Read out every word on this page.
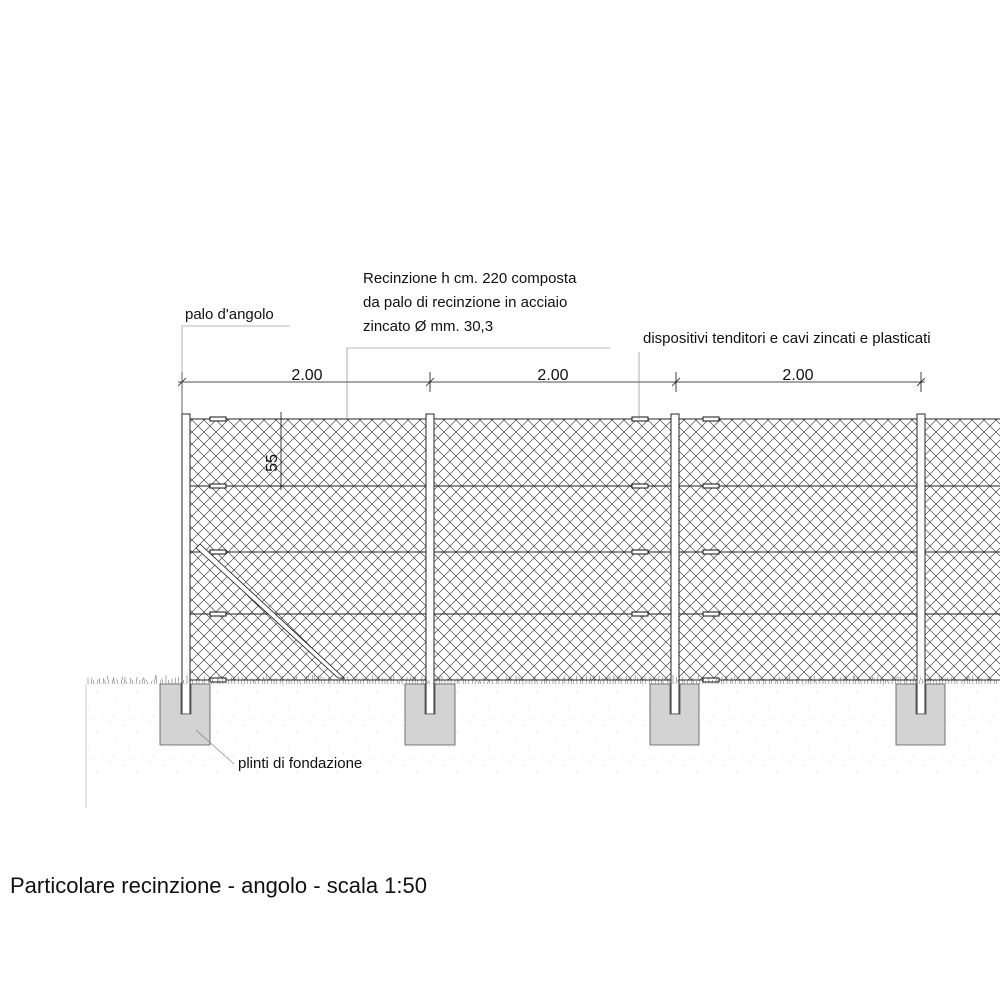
55
2.00	2.00	2.00
palo d'angolo
Recinzione h cm. 220 composta
da palo di recinzione in acciaio
zincato Ø mm. 30,3
dispositivi tenditori e cavi zincati e plasticati
plinti di fondazione
Particolare recinzione - angolo - scala 1:50
